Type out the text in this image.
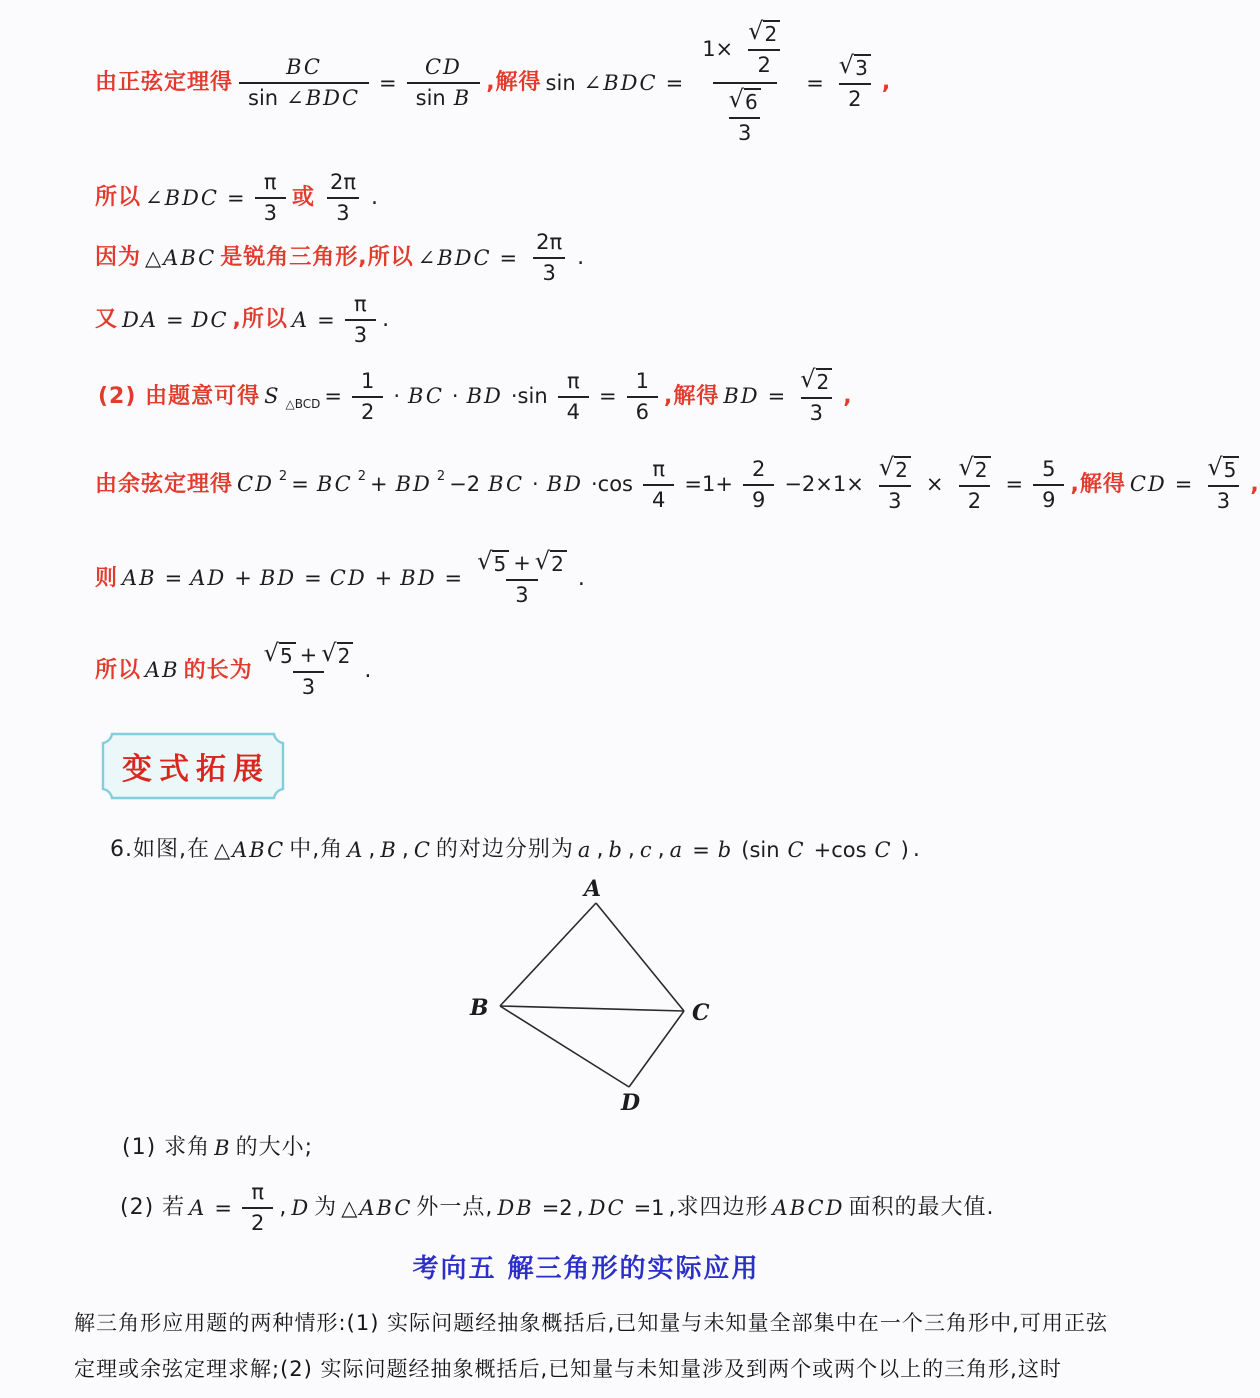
由正弦定理得 $\frac{BC}{\text{sin ∠BDC}} = \frac{CD}{\text{sin B}}$ ,解得 sin ∠BDC = $\frac{1\times \frac{√ 2}{2}}{\frac{√ 6}{3}} = \frac{√ 3}{2}$ ,
所以 ∠BDC = $\frac{\pi}{3}$ 或 $\frac{2\pi}{3}$ .
因为 △ABC 是锐角三角形,所以 ∠BDC = $\frac{2\pi}{3}$ .
又 DA = DC ,所以 $A = \frac{\pi}{3}$ .
(2) 由题意可得 S △BCD = $\frac{1}{2}$ · BC · BD $\cdot\sin \frac{\pi}{4} = \frac{1}{6}$ ,解得 BD = $\frac{√ 2}{3}$ ,
由余弦定理得 CD 2 = BC 2 + BD 2 −2 BC · BD $\cdot\cos \frac{\pi}{4} =1+ \frac{2}{9} -2\times 1\times \frac{√ 2}{3} \times \frac{√ 2}{2} = \frac{5}{9}$ ,解得 CD = $\frac{√ 5}{3}$ ,
则 AB = AD + BD = CD + BD = $\frac{√ 5 + √ 2}{3}$ .
所以 AB 的长为 $\frac{√ 5 + √ 2}{3}$ .
变式拓展
6.如图,在 △ABC 中,角 A , B , C 的对边分别为 a , b , c , a = b (sin C +cos C ) .
A
B	C
D
(1) 求角 B 的大小;
(2) 若 $A = \frac{\pi}{2}$ , D 为 △ABC 外一点, DB =2 , DC =1 ,求四边形 ABCD 面积的最大值.
考向五 解三角形的实际应用
解三角形应用题的两种情形:(1) 实际问题经抽象概括后,已知量与未知量全部集中在一个三角形中,可用正弦定理或余弦定理求解;(2) 实际问题经抽象概括后,已知量与未知量涉及到两个或两个以上的三角形,这时
